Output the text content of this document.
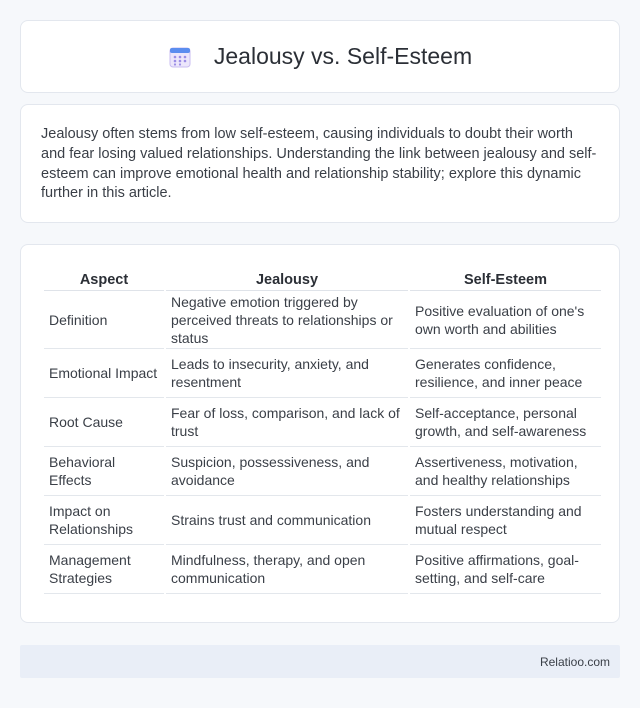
Jealousy vs. Self-Esteem

Jealousy often stems from low self-esteem, causing individuals to doubt their worth and fear losing valued relationships. Understanding the link between jealousy and self-esteem can improve emotional health and relationship stability; explore this dynamic further in this article.

Aspect	Jealousy	Self-Esteem
Definition	Negative emotion triggered by perceived threats to relationships or status	Positive evaluation of one's own worth and abilities
Emotional Impact	Leads to insecurity, anxiety, and resentment	Generates confidence, resilience, and inner peace
Root Cause	Fear of loss, comparison, and lack of trust	Self-acceptance, personal growth, and self-awareness
Behavioral Effects	Suspicion, possessiveness, and avoidance	Assertiveness, motivation, and healthy relationships
Impact on Relationships	Strains trust and communication	Fosters understanding and mutual respect
Management Strategies	Mindfulness, therapy, and open communication	Positive affirmations, goal-setting, and self-care
Relatioo.com
